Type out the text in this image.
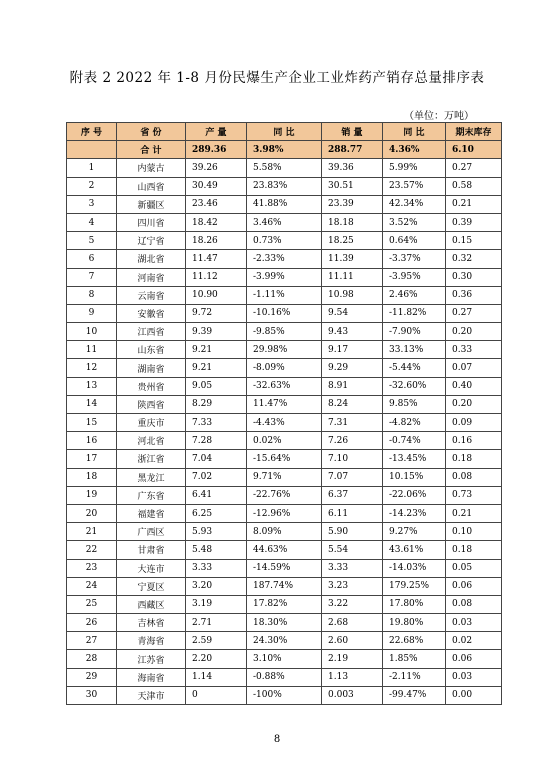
附表 2 2022 年 1-8 月份民爆生产企业工业炸药产销存总量排序表
（单位：万吨）
序 号	省 份	产 量	同 比	销 量	同 比	期末库存
	合 计	289.36	3.98%	288.77	4.36%	6.10
1	内蒙古	39.26	5.58%	39.36	5.99%	0.27
2	山西省	30.49	23.83%	30.51	23.57%	0.58
3	新疆区	23.46	41.88%	23.39	42.34%	0.21
4	四川省	18.42	3.46%	18.18	3.52%	0.39
5	辽宁省	18.26	0.73%	18.25	0.64%	0.15
6	湖北省	11.47	-2.33%	11.39	-3.37%	0.32
7	河南省	11.12	-3.99%	11.11	-3.95%	0.30
8	云南省	10.90	-1.11%	10.98	2.46%	0.36
9	安徽省	9.72	-10.16%	9.54	-11.82%	0.27
10	江西省	9.39	-9.85%	9.43	-7.90%	0.20
11	山东省	9.21	29.98%	9.17	33.13%	0.33
12	湖南省	9.21	-8.09%	9.29	-5.44%	0.07
13	贵州省	9.05	-32.63%	8.91	-32.60%	0.40
14	陕西省	8.29	11.47%	8.24	9.85%	0.20
15	重庆市	7.33	-4.43%	7.31	-4.82%	0.09
16	河北省	7.28	0.02%	7.26	-0.74%	0.16
17	浙江省	7.04	-15.64%	7.10	-13.45%	0.18
18	黑龙江	7.02	9.71%	7.07	10.15%	0.08
19	广东省	6.41	-22.76%	6.37	-22.06%	0.73
20	福建省	6.25	-12.96%	6.11	-14.23%	0.21
21	广西区	5.93	8.09%	5.90	9.27%	0.10
22	甘肃省	5.48	44.63%	5.54	43.61%	0.18
23	大连市	3.33	-14.59%	3.33	-14.03%	0.05
24	宁夏区	3.20	187.74%	3.23	179.25%	0.06
25	西藏区	3.19	17.82%	3.22	17.80%	0.08
26	吉林省	2.71	18.30%	2.68	19.80%	0.03
27	青海省	2.59	24.30%	2.60	22.68%	0.02
28	江苏省	2.20	3.10%	2.19	1.85%	0.06
29	海南省	1.14	-0.88%	1.13	-2.11%	0.03
30	天津市	0	-100%	0.003	-99.47%	0.00
8
